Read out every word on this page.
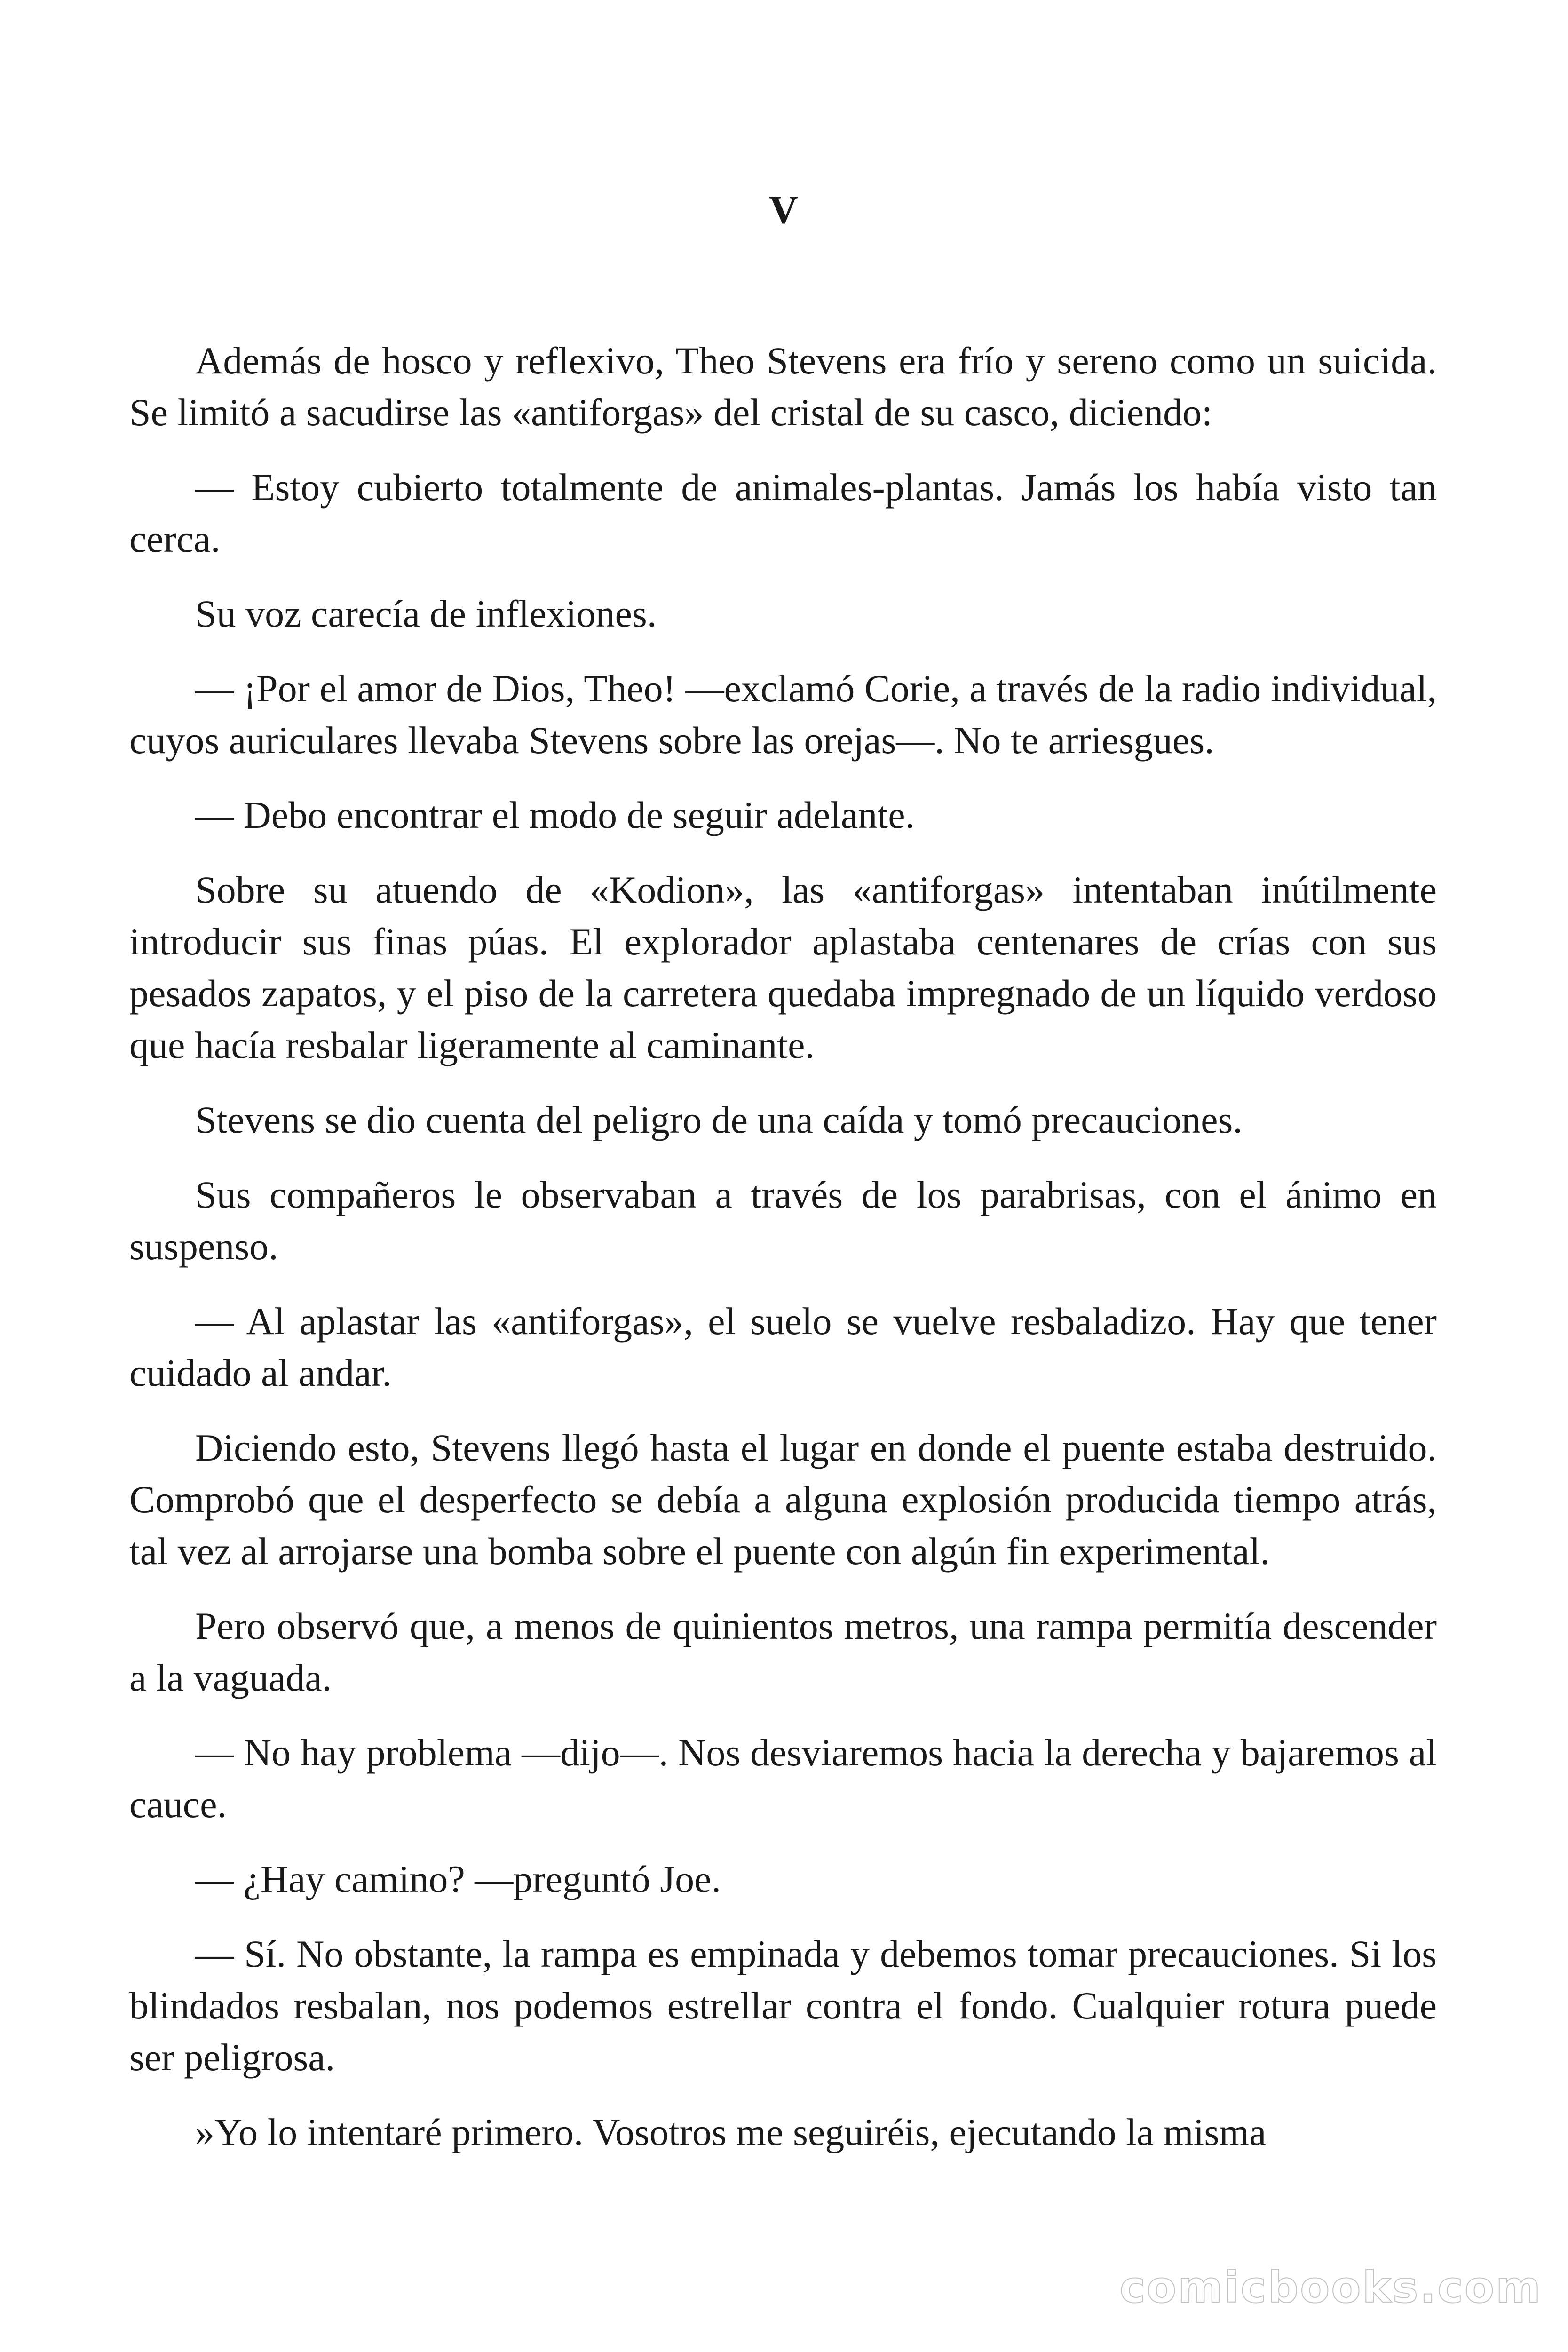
V

Además de hosco y reflexivo, Theo Stevens era frío y sereno como un suicida. Se limitó a sacudirse las «antiforgas» del cristal de su casco, diciendo:

— Estoy cubierto totalmente de animales-plantas. Jamás los había visto tan cerca.

Su voz carecía de inflexiones.

— ¡Por el amor de Dios, Theo! —exclamó Corie, a través de la radio individual, cuyos auriculares llevaba Stevens sobre las orejas—. No te arriesgues.

— Debo encontrar el modo de seguir adelante.

Sobre su atuendo de «Kodion», las «antiforgas» intentaban inútilmente introducir sus finas púas. El explorador aplastaba centenares de crías con sus pesados zapatos, y el piso de la carretera quedaba impregnado de un líquido verdoso que hacía resbalar ligeramente al caminante.

Stevens se dio cuenta del peligro de una caída y tomó precauciones.

Sus compañeros le observaban a través de los parabrisas, con el ánimo en suspenso.

— Al aplastar las «antiforgas», el suelo se vuelve resbaladizo. Hay que tener cuidado al andar.

Diciendo esto, Stevens llegó hasta el lugar en donde el puente estaba destruido. Comprobó que el desperfecto se debía a alguna explosión producida tiempo atrás, tal vez al arrojarse una bomba sobre el puente con algún fin experimental.

Pero observó que, a menos de quinientos metros, una rampa permitía descender a la vaguada.

— No hay problema —dijo—. Nos desviaremos hacia la derecha y bajaremos al cauce.

— ¿Hay camino? —preguntó Joe.

— Sí. No obstante, la rampa es empinada y debemos tomar precauciones. Si los blindados resbalan, nos podemos estrellar contra el fondo. Cualquier rotura puede ser peligrosa.

»Yo lo intentaré primero. Vosotros me seguiréis, ejecutando la misma

comicbooks.com
